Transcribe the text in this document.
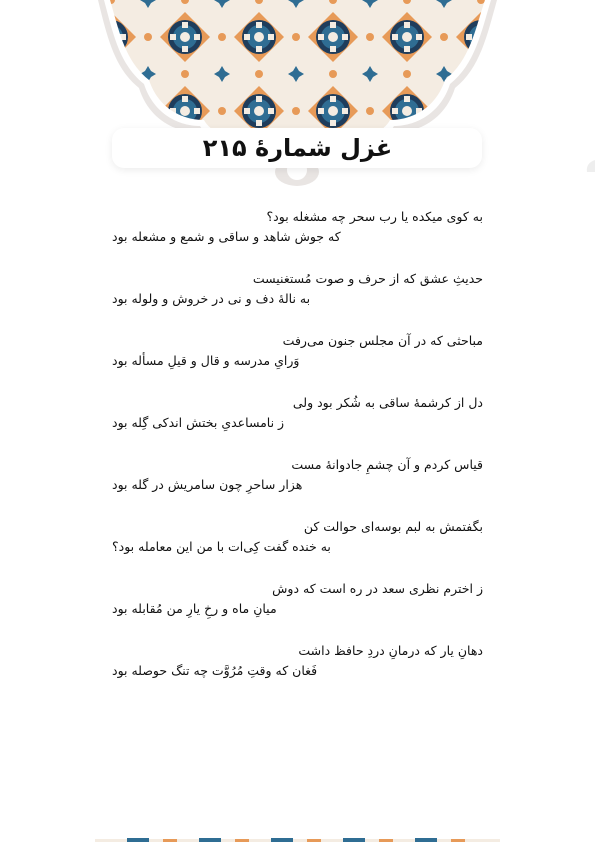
غزل شمارهٔ ۲۱۵
به کوی میکده یا رب سحر چه مشغله بود؟
که جوش شاهد و ساقی و شمع و مشعله بود
حدیثِ عشق که از حرف و صوت مُستغنیست
به نالهٔ دف و نی در خروش و ولوله بود
مباحثی که در آن مجلس جنون می‌رفت
وَرایِ مدرسه و قال و قیلِ مسأله بود
دل از کرشمهٔ ساقی به شُکر بود ولی
ز نامساعدیِ بختش اندکی گِله بود
قیاس کردم و آن چشمِ جادوانهٔ مست
هزار ساحرِ چون سامریش در گله بود
بگفتمش به لبم بوسه‌ای حوالت کن
به خنده گفت کِی‌ات با من این معامله بود؟
ز اخترم نظری سعد در ره است که دوش
میانِ ماه و رخِ یارِ من مُقابله بود
دهانِ یار که درمانِ دردِ حافظ داشت
فَغان که وقتِ مُرُوَّت چه تنگ حوصله بود
